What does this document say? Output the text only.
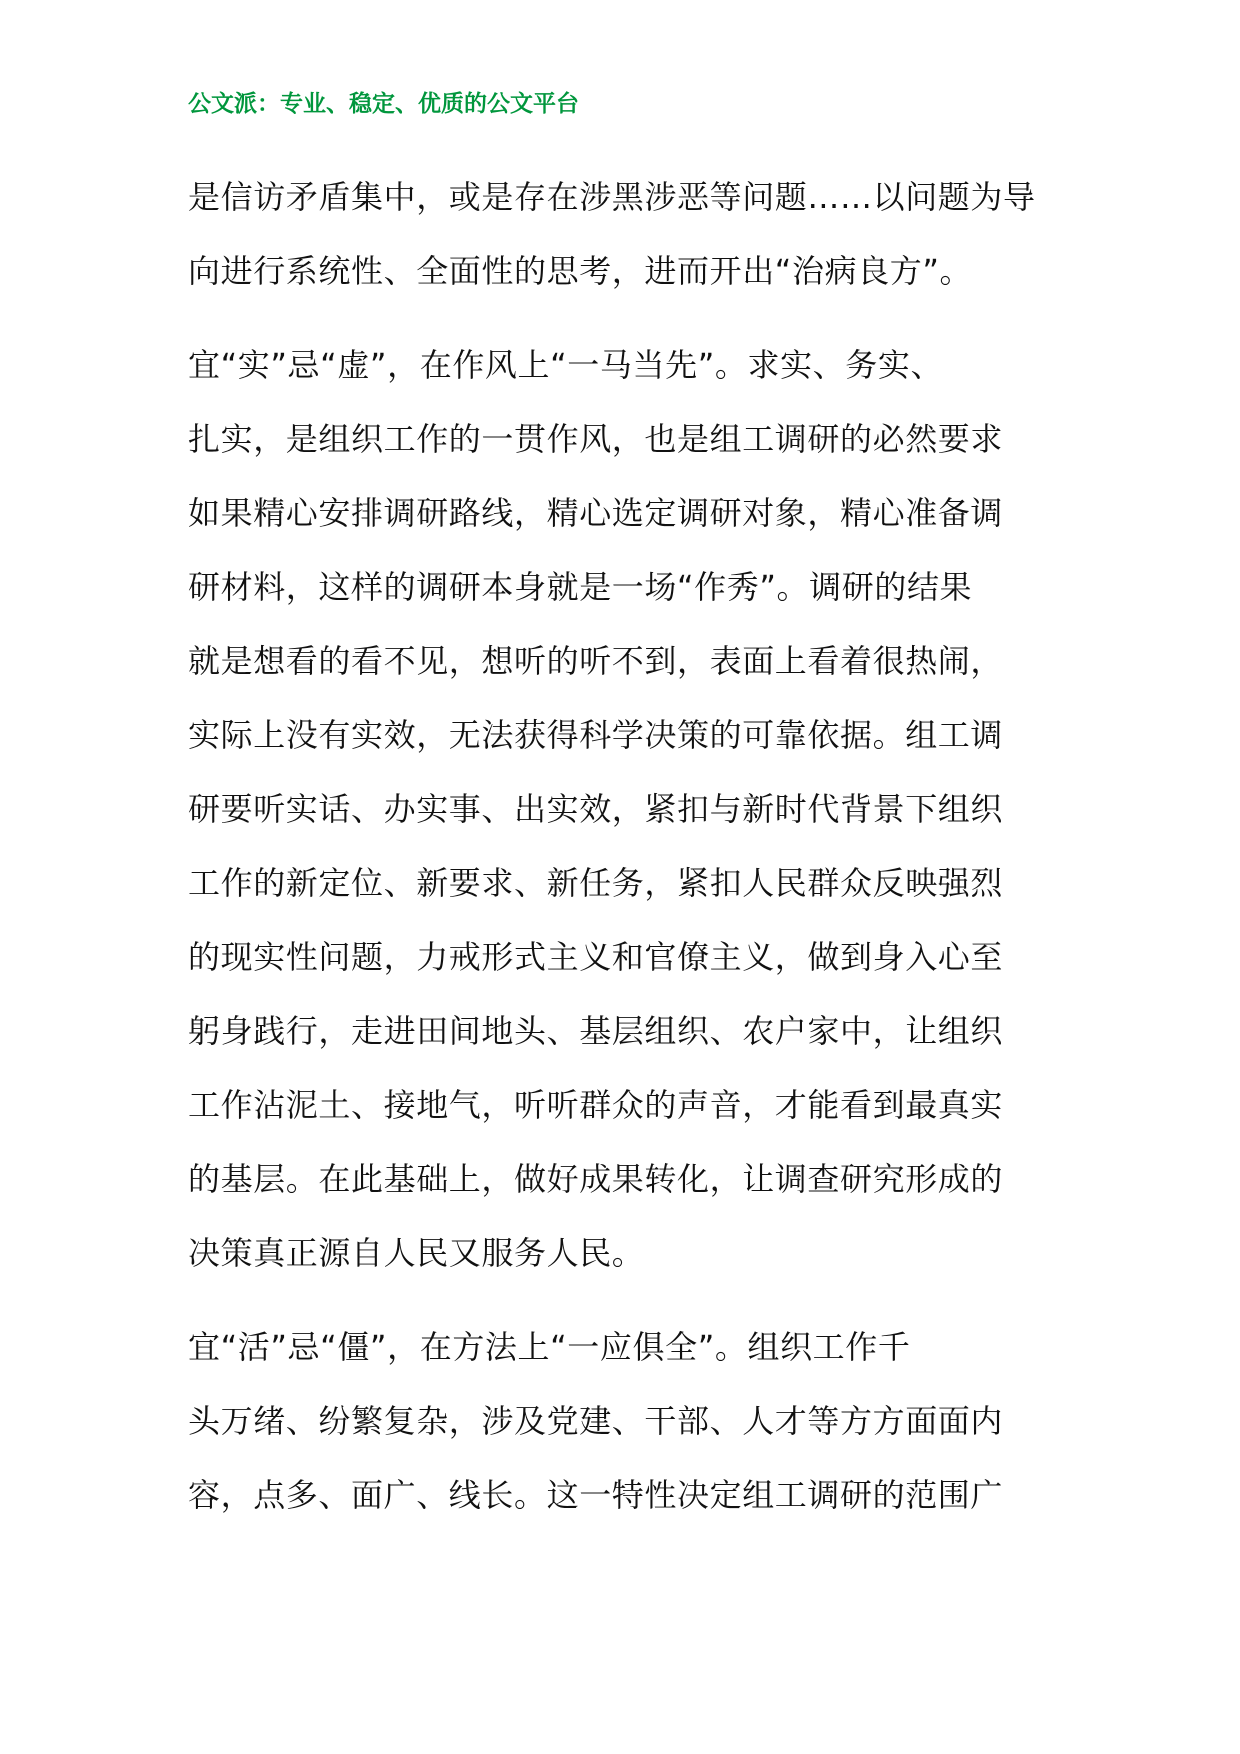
公文派：专业、稳定、优质的公文平台
是信访矛盾集中，或是存在涉黑涉恶等问题……以问题为导
向进行系统性、全面性的思考，进而开出“治病良方”。
宜“实”忌“虚”，在作风上“一马当先”。求实、务实、
扎实，是组织工作的一贯作风，也是组工调研的必然要求
如果精心安排调研路线，精心选定调研对象，精心准备调
研材料，这样的调研本身就是一场“作秀”。调研的结果
就是想看的看不见，想听的听不到，表面上看着很热闹，
实际上没有实效，无法获得科学决策的可靠依据。组工调
研要听实话、办实事、出实效，紧扣与新时代背景下组织
工作的新定位、新要求、新任务，紧扣人民群众反映强烈
的现实性问题，力戒形式主义和官僚主义，做到身入心至
躬身践行，走进田间地头、基层组织、农户家中，让组织
工作沾泥土、接地气，听听群众的声音，才能看到最真实
的基层。在此基础上，做好成果转化，让调查研究形成的
决策真正源自人民又服务人民。
宜“活”忌“僵”，在方法上“一应俱全”。组织工作千
头万绪、纷繁复杂，涉及党建、干部、人才等方方面面内
容，点多、面广、线长。这一特性决定组工调研的范围广
